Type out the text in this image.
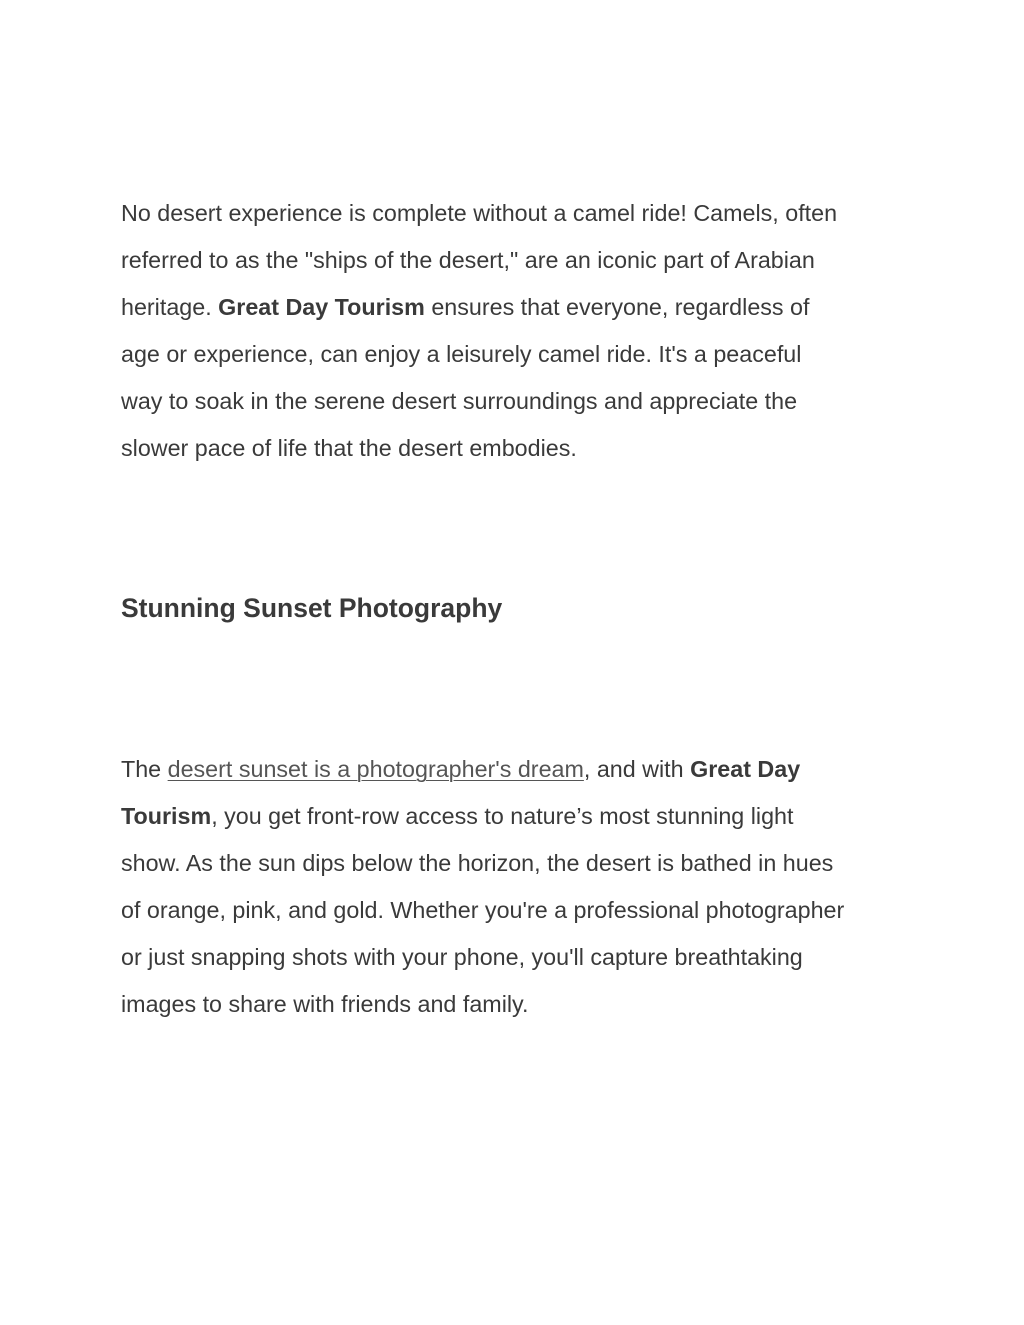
No desert experience is complete without a camel ride! Camels, often
referred to as the "ships of the desert," are an iconic part of Arabian
heritage. Great Day Tourism ensures that everyone, regardless of
age or experience, can enjoy a leisurely camel ride. It's a peaceful
way to soak in the serene desert surroundings and appreciate the
slower pace of life that the desert embodies.

Stunning Sunset Photography

The desert sunset is a photographer's dream, and with Great Day
Tourism, you get front-row access to nature’s most stunning light
show. As the sun dips below the horizon, the desert is bathed in hues
of orange, pink, and gold. Whether you're a professional photographer
or just snapping shots with your phone, you'll capture breathtaking
images to share with friends and family.
